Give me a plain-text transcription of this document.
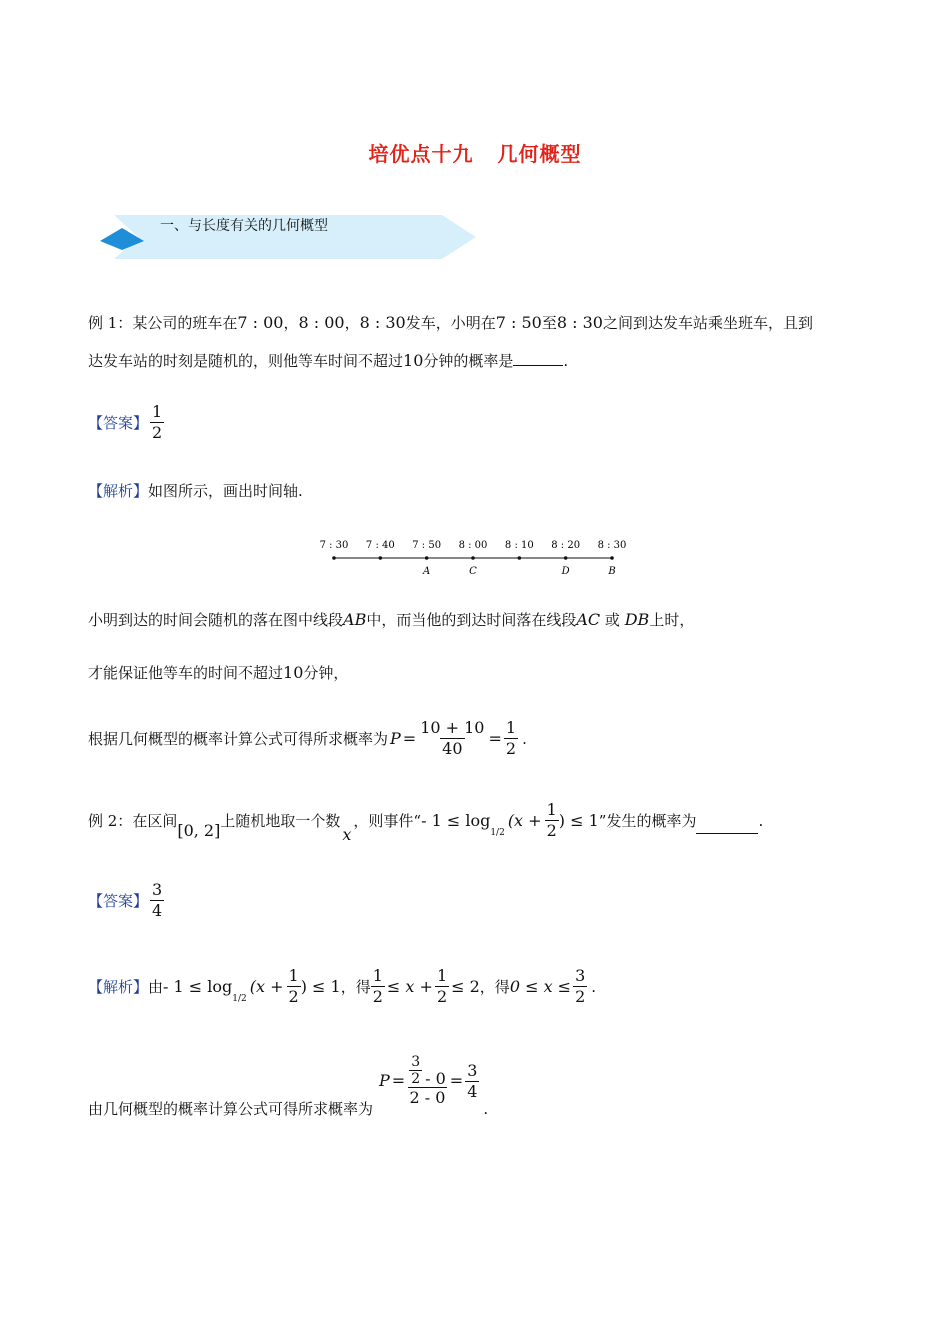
培优点十九 几何概型
一、与长度有关的几何概型
例 1：某公司的班车在7 : 00，8 : 00，8 : 30发车，小明在7 : 50至8 : 30之间到达发车站乘坐班车，且到
达发车站的时刻是随机的，则他等车时间不超过10分钟的概率是	.
【答案】 $\frac{1}{2}$
【解析】如图所示，画出时间轴.
7 : 30 7 : 40 7 : 50 8 : 00 8 : 10 8 : 20 8 : 30
A	C	D	B
小明到达的时间会随机的落在图中线段AB中，而当他的到达时间落在线段AC 或 DB上时，
才能保证他等车的时间不超过10分钟，
根据几何概型的概率计算公式可得所求概率为 $P = \frac{10 + 10}{40} = \frac{1}{2}$ .
例 2： 在区间 [0, 2] 上随机地取一个数
x
，则事件 “ - 1 ≤ log
1/2
($x + \frac{1}{2}$ ) ≤ 1 ” 发生的概率为	.
【答案】 $\frac{3}{4}$
【解析】 由 - 1 ≤ log
1/2
($x + \frac{1}{2}$ ) ≤ 1 ，得 $\frac{1}{2} \le x + \frac{1}{2} \le 2$ ，得 $0 \le x \le \frac{3}{2}$ .
由几何概型的概率计算公式可得所求概率为
$P = \frac{\frac{3}{2} - 0}{2 - 0} = \frac{3}{4}$
.
